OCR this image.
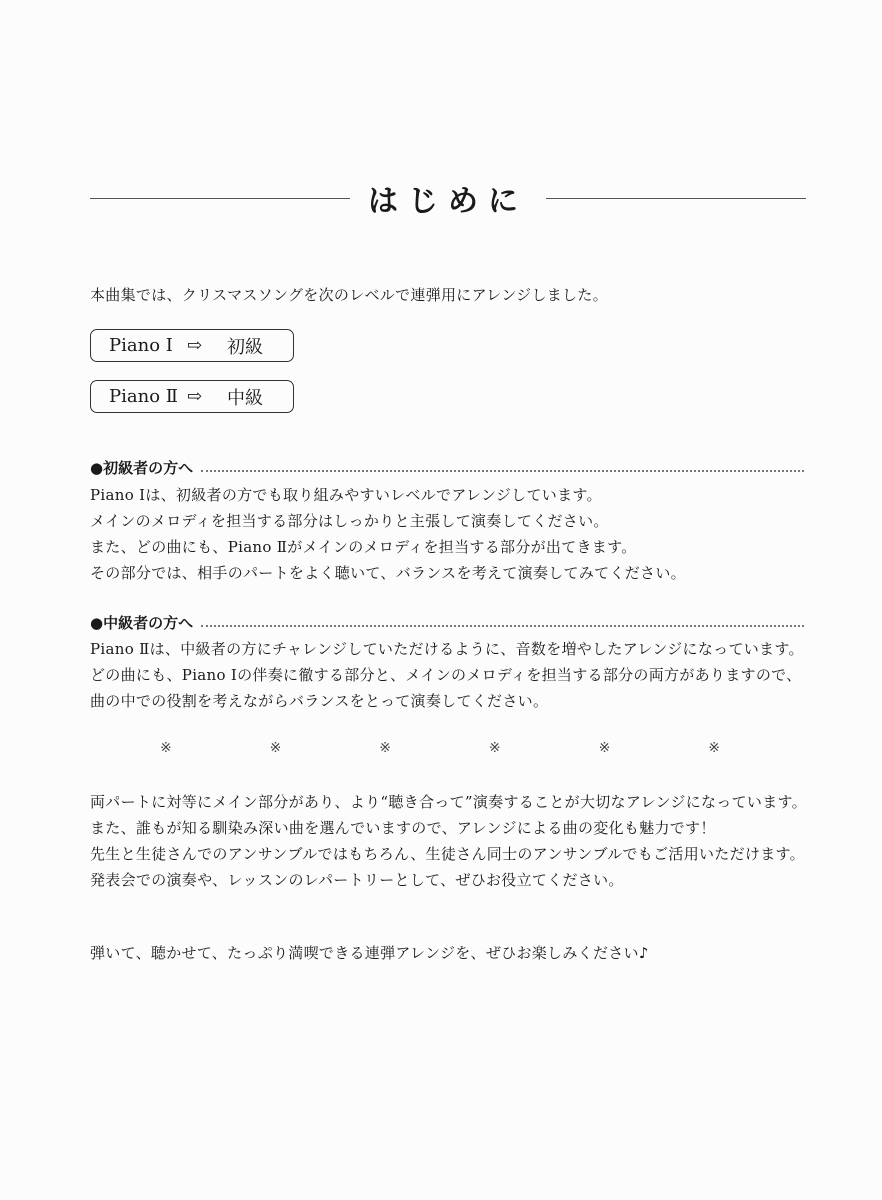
はじめに
本曲集では、クリスマスソングを次のレベルで連弾用にアレンジしました。
Piano Ⅰ ⇨	初級
Piano Ⅱ ⇨	中級
●初級者の方へ
Piano Ⅰは、初級者の方でも取り組みやすいレベルでアレンジしています。
メインのメロディを担当する部分はしっかりと主張して演奏してください。
また、どの曲にも、Piano Ⅱがメインのメロディを担当する部分が出てきます。
その部分では、相手のパートをよく聴いて、バランスを考えて演奏してみてください。
●中級者の方へ
Piano Ⅱは、中級者の方にチャレンジしていただけるように、音数を増やしたアレンジになっています。
どの曲にも、Piano Ⅰの伴奏に徹する部分と、メインのメロディを担当する部分の両方がありますので、
曲の中での役割を考えながらバランスをとって演奏してください。
※	※	※	※	※	※
両パートに対等にメイン部分があり、より“聴き合って”演奏することが大切なアレンジになっています。
また、誰もが知る馴染み深い曲を選んでいますので、アレンジによる曲の変化も魅力です！
先生と生徒さんでのアンサンブルではもちろん、生徒さん同士のアンサンブルでもご活用いただけます。
発表会での演奏や、レッスンのレパートリーとして、ぜひお役立てください。
弾いて、聴かせて、たっぷり満喫できる連弾アレンジを、ぜひお楽しみください♪
